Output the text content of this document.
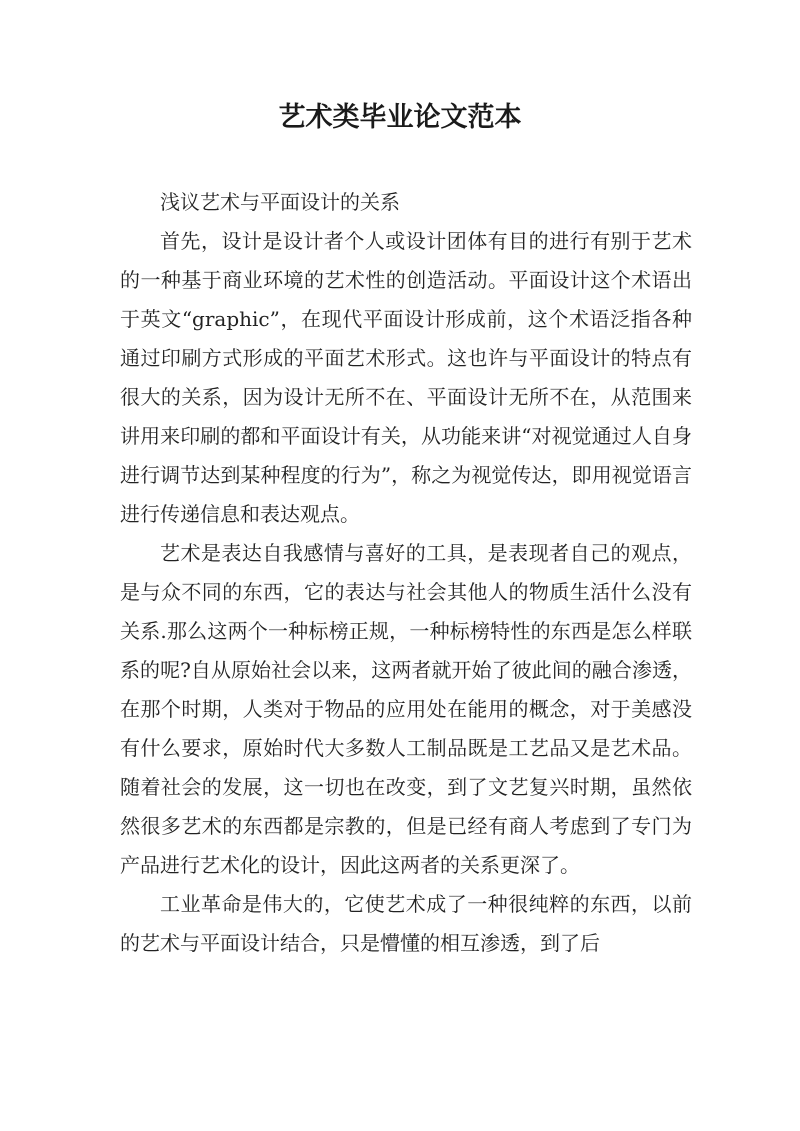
艺术类毕业论文范本

浅议艺术与平面设计的关系

首先，设计是设计者个人或设计团体有目的进行有别于艺术的一种基于商业环境的艺术性的创造活动。平面设计这个术语出于英文“graphic”，在现代平面设计形成前，这个术语泛指各种通过印刷方式形成的平面艺术形式。这也许与平面设计的特点有很大的关系，因为设计无所不在、平面设计无所不在，从范围来讲用来印刷的都和平面设计有关，从功能来讲“对视觉通过人自身进行调节达到某种程度的行为”，称之为视觉传达，即用视觉语言进行传递信息和表达观点。

艺术是表达自我感情与喜好的工具，是表现者自己的观点，是与众不同的东西，它的表达与社会其他人的物质生活什么没有关系.那么这两个一种标榜正规，一种标榜特性的东西是怎么样联系的呢?自从原始社会以来，这两者就开始了彼此间的融合渗透，在那个时期，人类对于物品的应用处在能用的概念，对于美感没有什么要求，原始时代大多数人工制品既是工艺品又是艺术品。随着社会的发展，这一切也在改变，到了文艺复兴时期，虽然依然很多艺术的东西都是宗教的，但是已经有商人考虑到了专门为产品进行艺术化的设计，因此这两者的关系更深了。

工业革命是伟大的，它使艺术成了一种很纯粹的东西，以前的艺术与平面设计结合，只是懵懂的相互渗透，到了后
